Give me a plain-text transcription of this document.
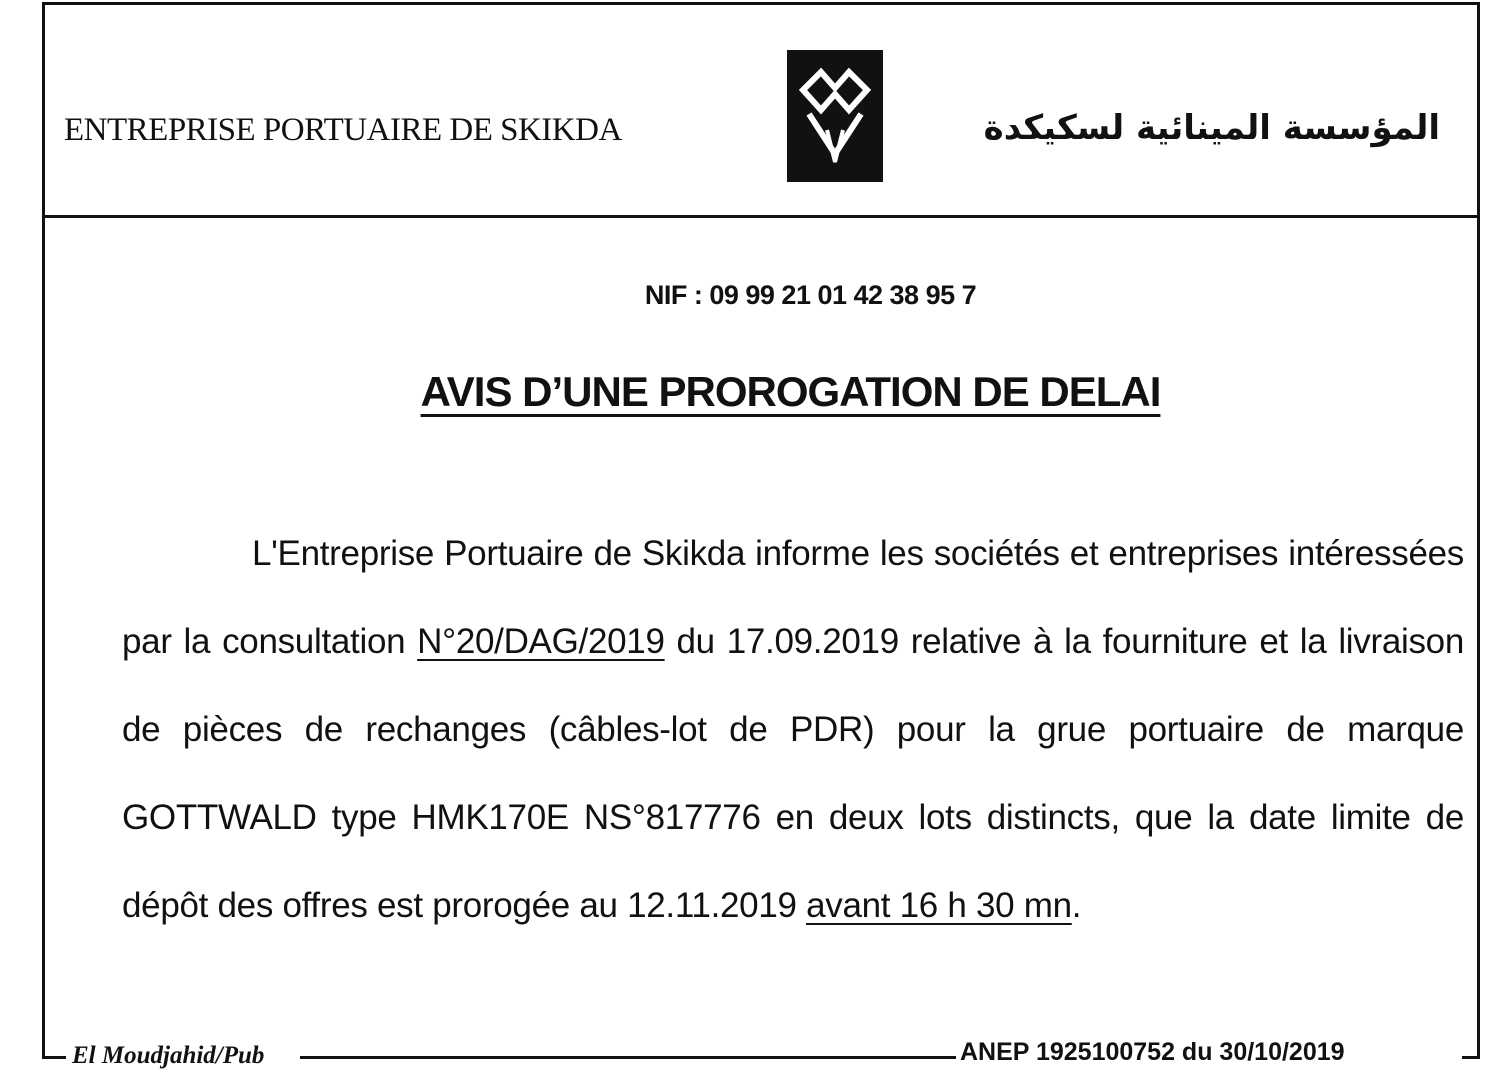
ENTREPRISE PORTUAIRE DE SKIKDA	المؤسسة المينائية لسكيكدة
NIF : 09 99 21 01 42 38 95 7
AVIS D’UNE PROROGATION DE DELAI
L'Entreprise Portuaire de Skikda informe les sociétés et entreprises intéressées par la consultation N°20/DAG/2019 du 17.09.2019 relative à la fourniture et la livraison de pièces de rechanges (câbles-lot de PDR) pour la grue portuaire de marque GOTTWALD type HMK170E NS°817776 en deux lots distincts, que la date limite de dépôt des offres est prorogée au 12.11.2019 avant 16 h 30 mn.
El Moudjahid/Pub	ANEP 1925100752 du 30/10/2019
